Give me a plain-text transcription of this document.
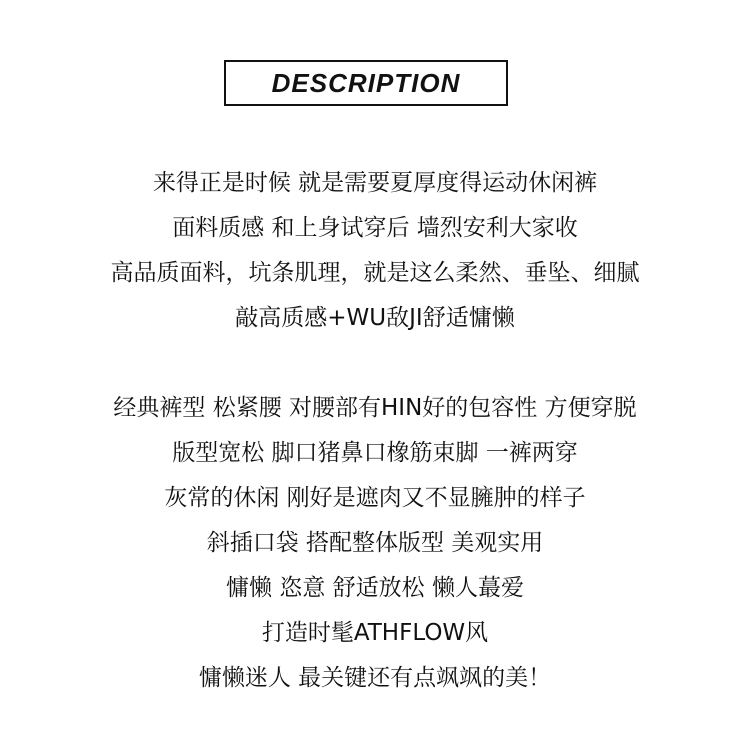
DESCRIPTION
来得正是时候 就是需要夏厚度得运动休闲裤
面料质感 和上身试穿后 墙烈安利大家收
高品质面料，坑条肌理，就是这么柔然、垂坠、细腻
敲高质感+WU敌JI舒适慵懒
经典裤型 松紧腰 对腰部有HIN好的包容性 方便穿脱
版型宽松 脚口猪鼻口橡筋束脚 一裤两穿
灰常的休闲 刚好是遮肉又不显臃肿的样子
斜插口袋 搭配整体版型 美观实用
慵懒 恣意 舒适放松 懒人蕞爱
打造时髦ATHFLOW风
慵懒迷人 最关键还有点飒飒的美！
